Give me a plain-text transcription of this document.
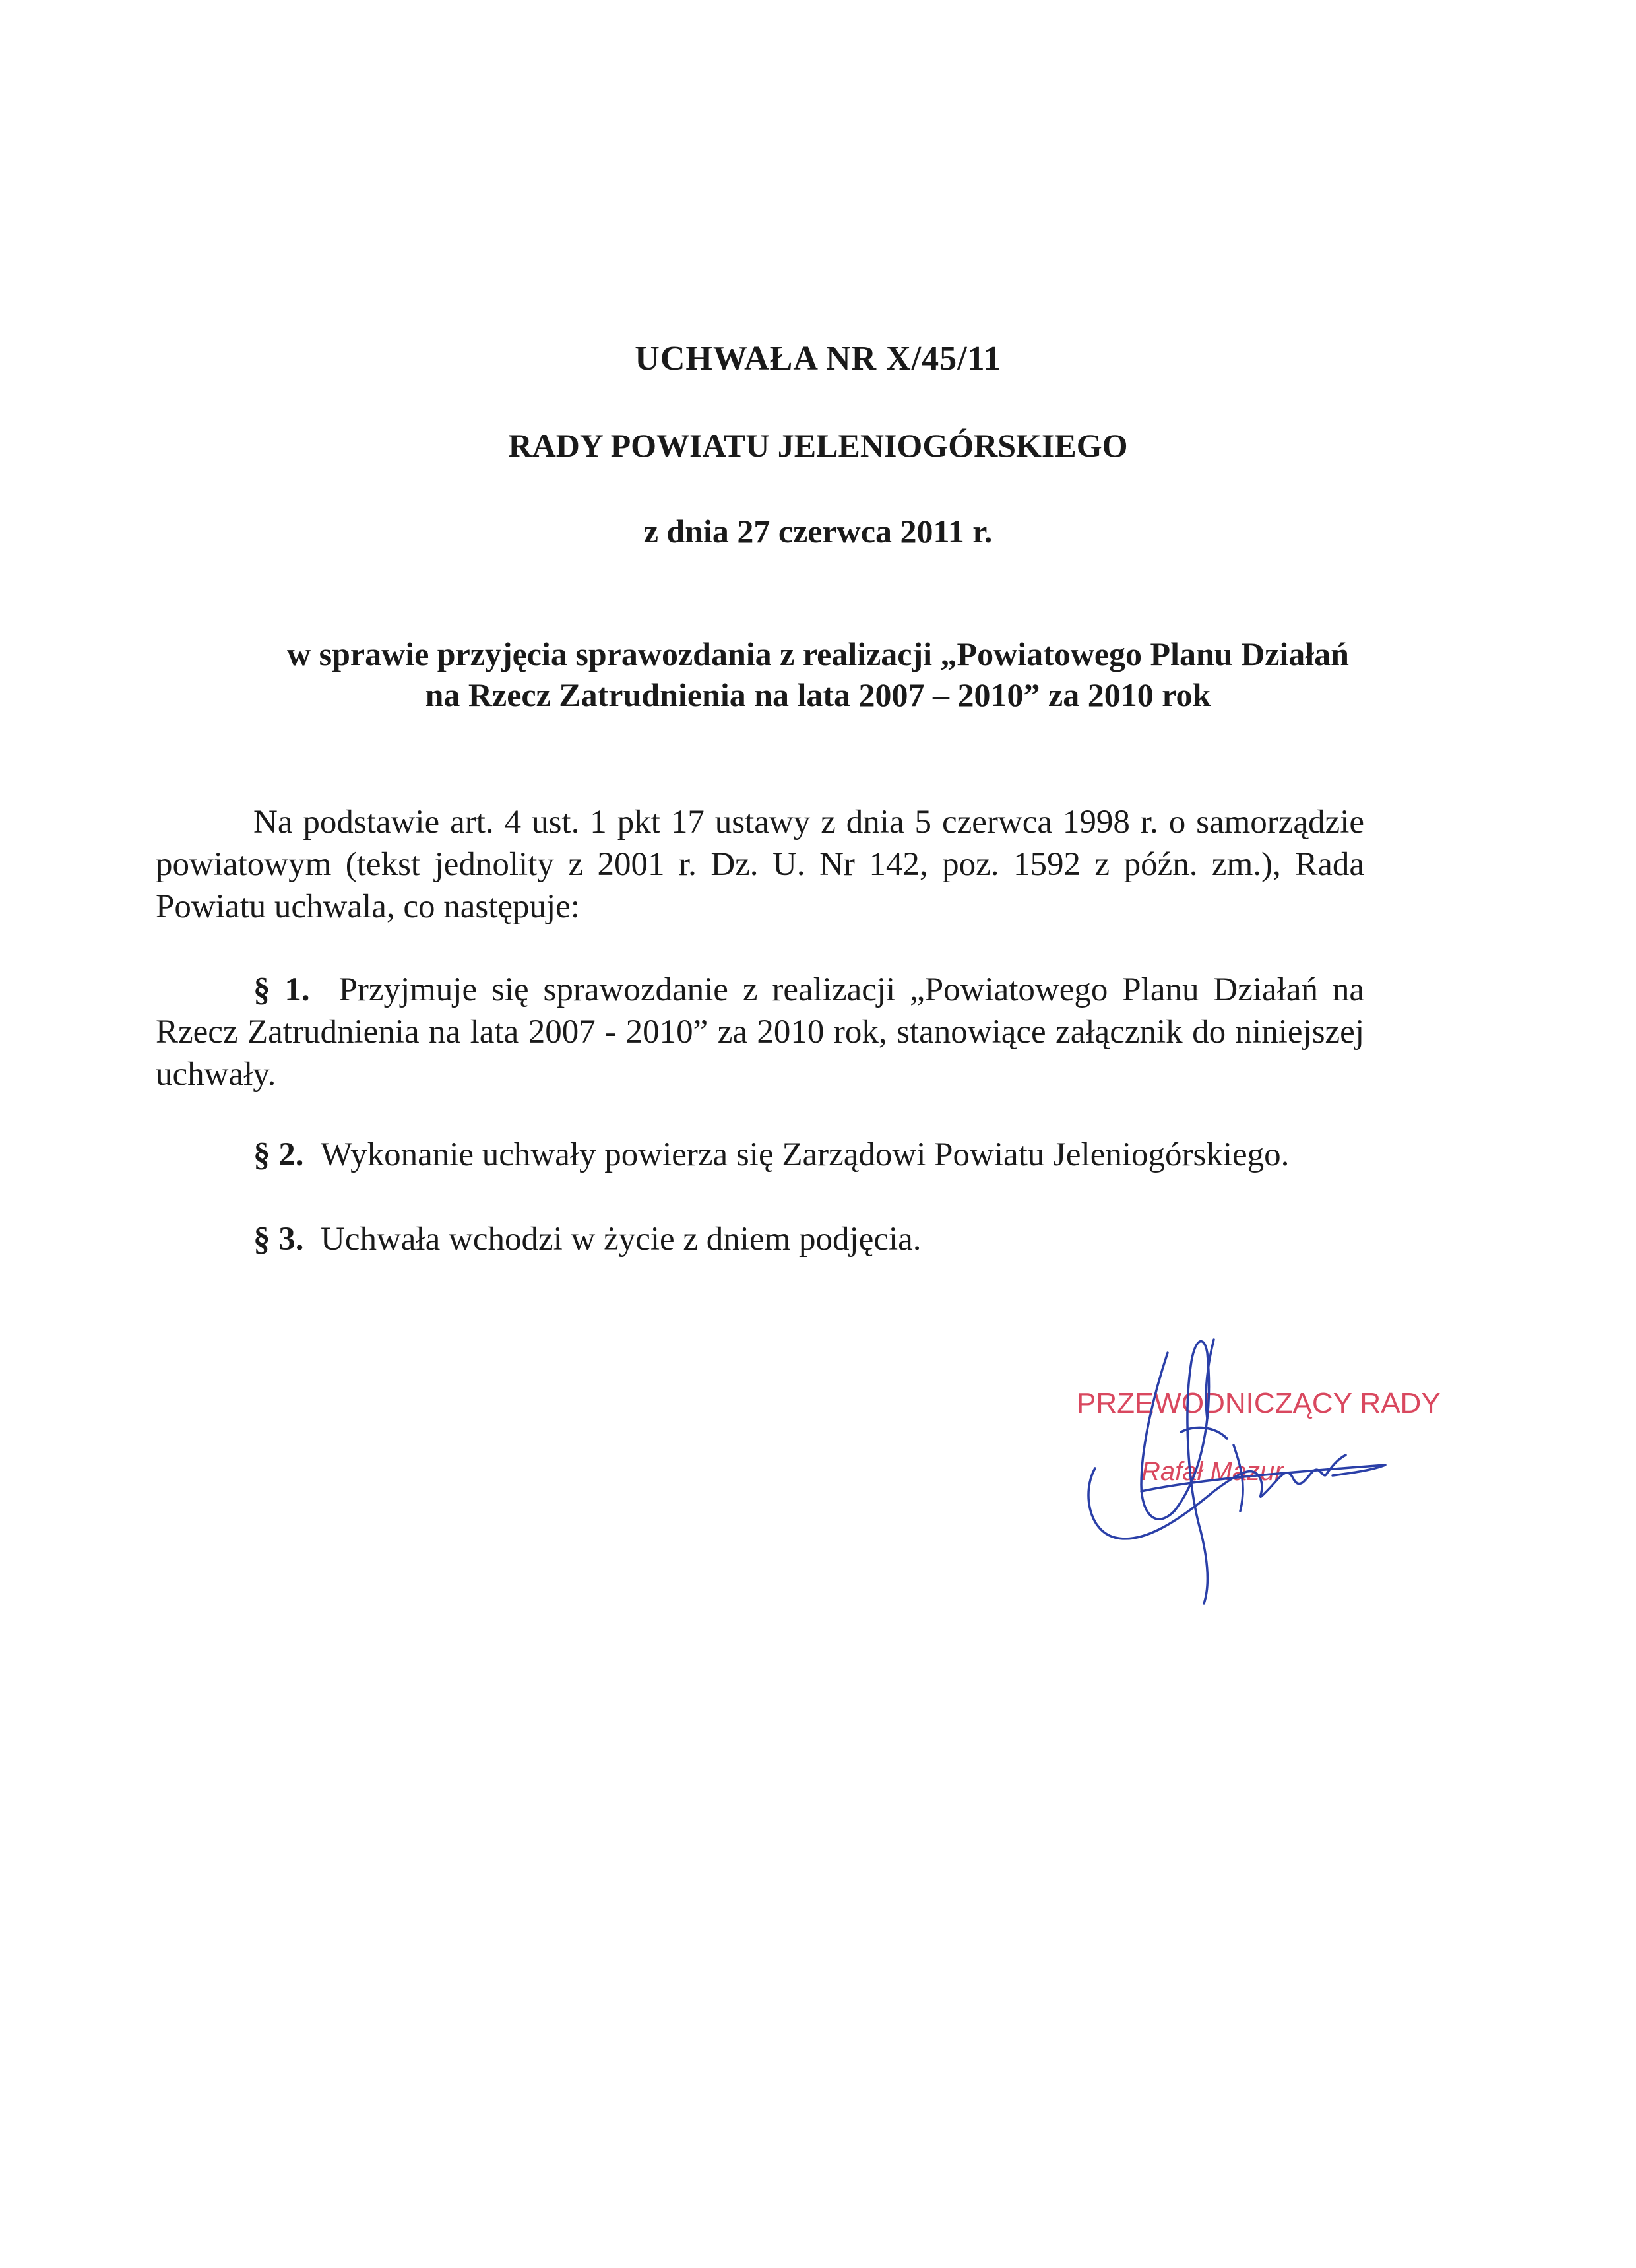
UCHWAŁA NR X/45/11
RADY POWIATU JELENIOGÓRSKIEGO
z dnia 27 czerwca 2011 r.
w sprawie przyjęcia sprawozdania z realizacji „Powiatowego Planu Działań
na Rzecz Zatrudnienia na lata 2007 – 2010” za 2010 rok
Na podstawie art. 4 ust. 1 pkt 17 ustawy z dnia 5 czerwca 1998 r. o samorządzie powiatowym (tekst jednolity z 2001 r. Dz. U. Nr 142, poz. 1592 z późn. zm.), Rada Powiatu uchwala, co następuje:
§ 1. Przyjmuje się sprawozdanie z realizacji „Powiatowego Planu Działań na Rzecz Zatrudnienia na lata 2007 - 2010” za 2010 rok, stanowiące załącznik do niniejszej uchwały.
§ 2. Wykonanie uchwały powierza się Zarządowi Powiatu Jeleniogórskiego.
§ 3. Uchwała wchodzi w życie z dniem podjęcia.
PRZEWODNICZĄCY RADY
Rafał Mazur
